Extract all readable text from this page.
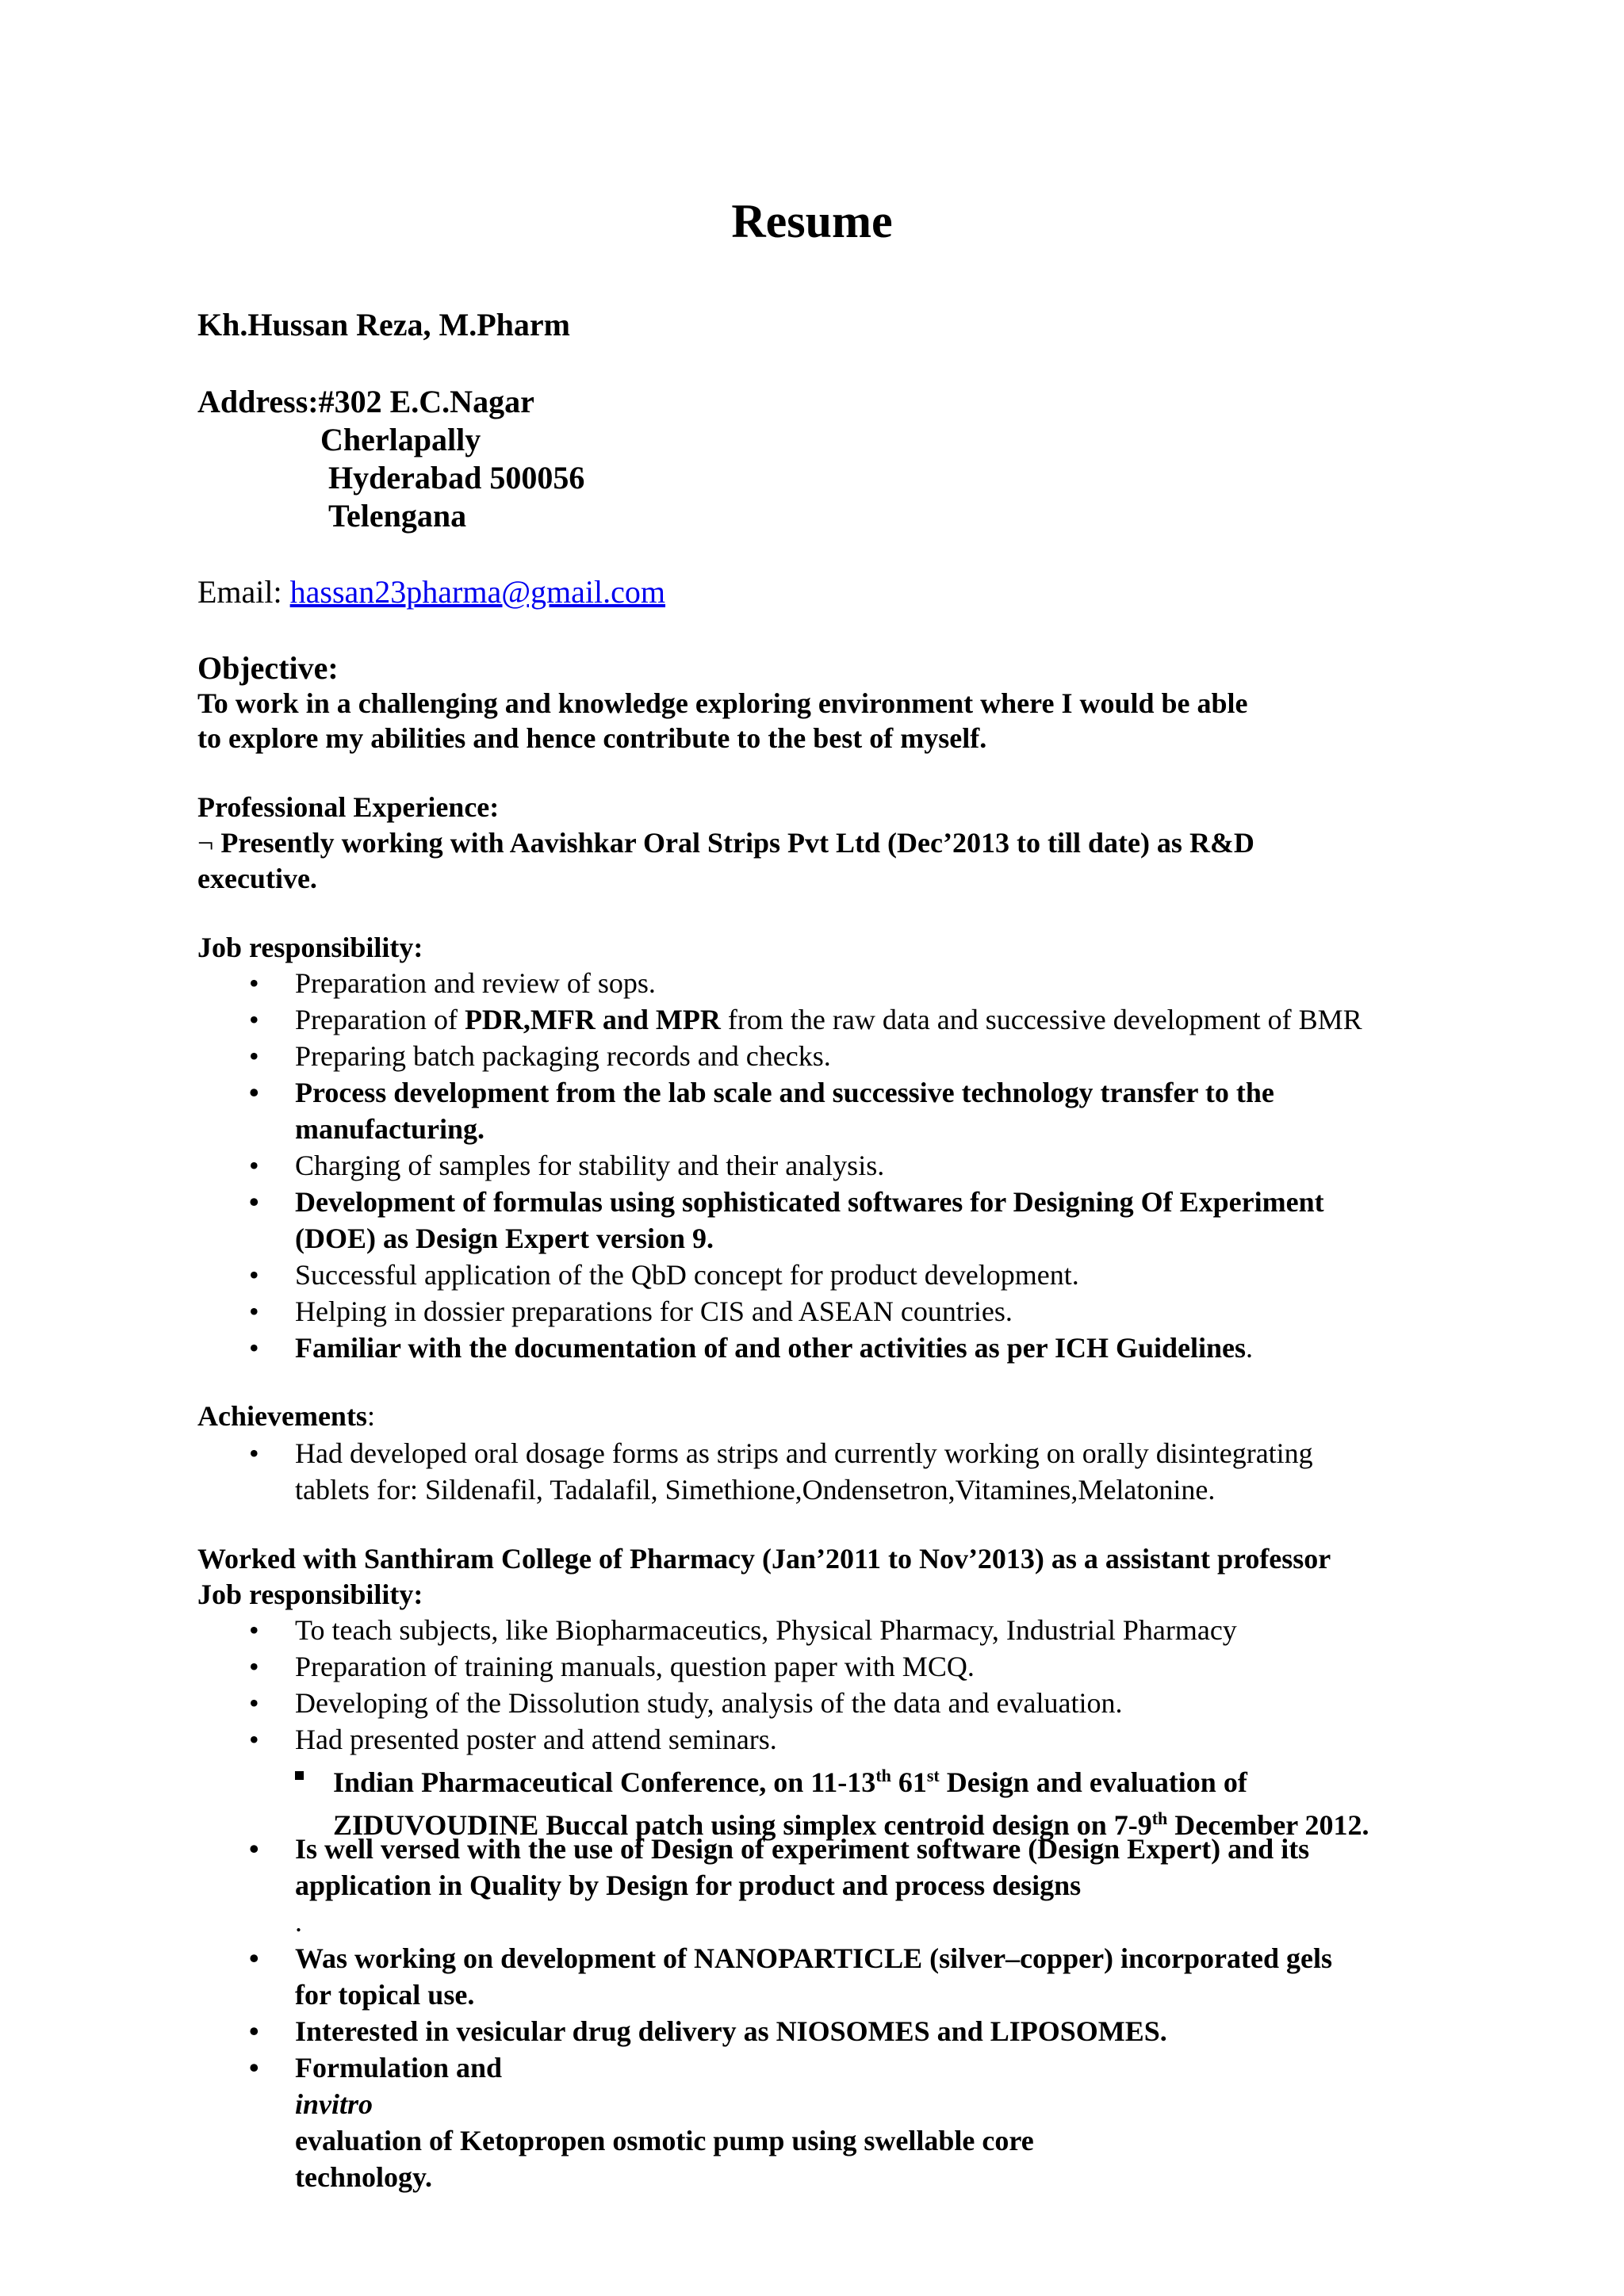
Resume
Kh.Hussan Reza, M.Pharm
Address:#302 E.C.Nagar
Cherlapally
Hyderabad 500056
Telengana
Email: hassan23pharma@gmail.com
Objective:
To work in a challenging and knowledge exploring environment where I would be able
to explore my abilities and hence contribute to the best of myself.
Professional Experience:
¬ Presently working with Aavishkar Oral Strips Pvt Ltd (Dec’2013 to till date) as R&D
executive.
Job responsibility:
• Preparation and review of sops.
• Preparation of PDR,MFR and MPR from the raw data and successive development of BMR
• Preparing batch packaging records and checks.
• Process development from the lab scale and successive technology transfer to the
manufacturing.
• Charging of samples for stability and their analysis.
• Development of formulas using sophisticated softwares for Designing Of Experiment
(DOE) as Design Expert version 9.
• Successful application of the QbD concept for product development.
• Helping in dossier preparations for CIS and ASEAN countries.
• Familiar with the documentation of and other activities as per ICH Guidelines.
Achievements:
• Had developed oral dosage forms as strips and currently working on orally disintegrating
tablets for: Sildenafil, Tadalafil, Simethione,Ondensetron,Vitamines,Melatonine.
Worked with Santhiram College of Pharmacy (Jan’2011 to Nov’2013) as a assistant professor
Job responsibility:
• To teach subjects, like Biopharmaceutics, Physical Pharmacy, Industrial Pharmacy
• Preparation of training manuals, question paper with MCQ.
• Developing of the Dissolution study, analysis of the data and evaluation.
• Had presented poster and attend seminars.
Indian Pharmaceutical Conference, on 11-13th 61st Design and evaluation of
ZIDUVOUDINE Buccal patch using simplex centroid design on 7-9th December 2012.
• Is well versed with the use of Design of experiment software (Design Expert) and its
application in Quality by Design for product and process designs
.
• Was working on development of NANOPARTICLE (silver–copper) incorporated gels
for topical use.
• Interested in vesicular drug delivery as NIOSOMES and LIPOSOMES.
• Formulation and
invitro
evaluation of Ketopropen osmotic pump using swellable core
technology.
